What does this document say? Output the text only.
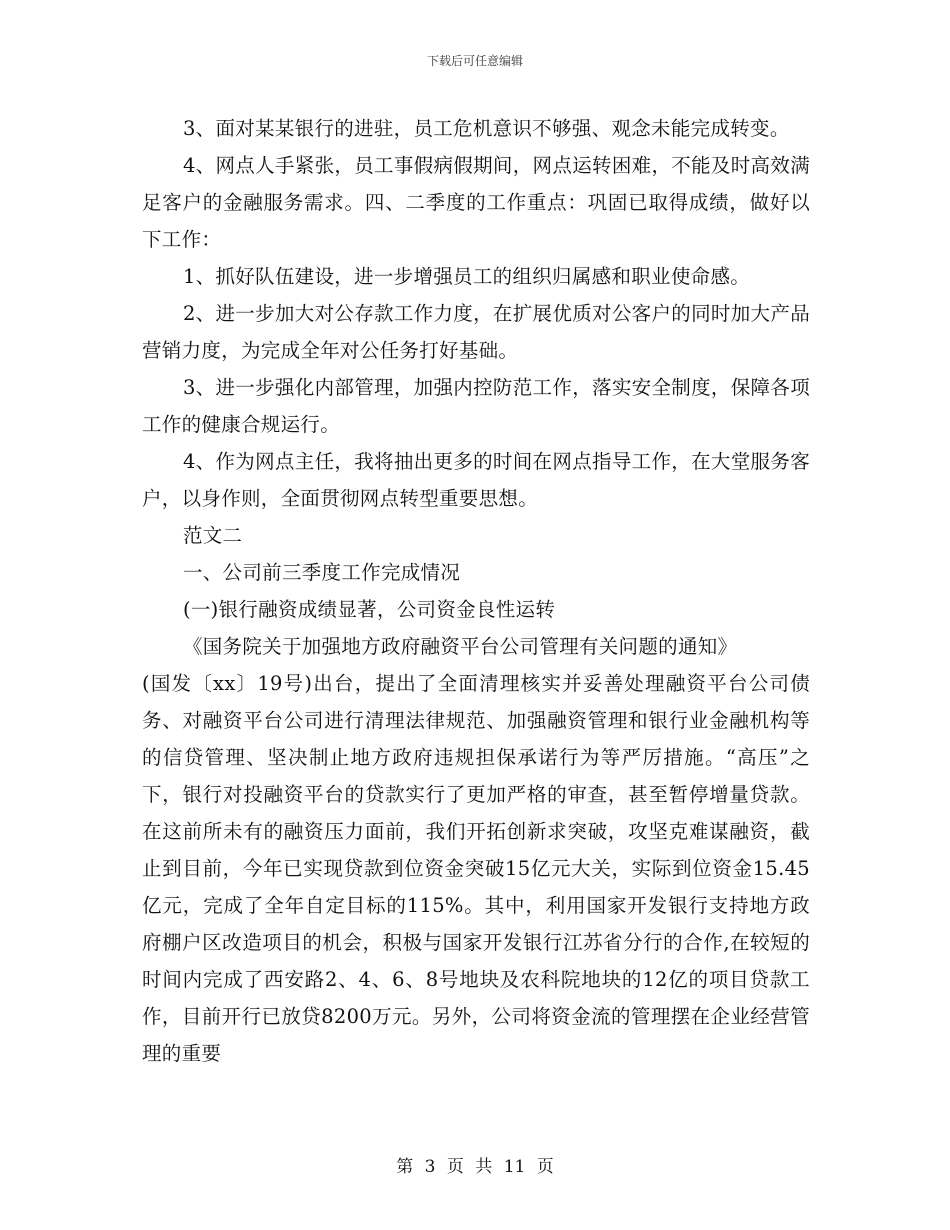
下载后可任意编辑

3、面对某某银行的进驻，员工危机意识不够强、观念未能完成转变。

4、网点人手紧张，员工事假病假期间，网点运转困难，不能及时高效满足客户的金融服务需求。四、二季度的工作重点：巩固已取得成绩，做好以下工作：

1、抓好队伍建设，进一步增强员工的组织归属感和职业使命感。

2、进一步加大对公存款工作力度，在扩展优质对公客户的同时加大产品营销力度，为完成全年对公任务打好基础。

3、进一步强化内部管理，加强内控防范工作，落实安全制度，保障各项工作的健康合规运行。

4、作为网点主任，我将抽出更多的时间在网点指导工作，在大堂服务客户，以身作则，全面贯彻网点转型重要思想。

范文二

一、公司前三季度工作完成情况

(一)银行融资成绩显著，公司资金良性运转

《国务院关于加强地方政府融资平台公司管理有关问题的通知》

(国发〔xx〕19号)出台，提出了全面清理核实并妥善处理融资平台公司债务、对融资平台公司进行清理法律规范、加强融资管理和银行业金融机构等的信贷管理、坚决制止地方政府违规担保承诺行为等严厉措施。“高压”之下，银行对投融资平台的贷款实行了更加严格的审查，甚至暂停增量贷款。在这前所未有的融资压力面前，我们开拓创新求突破，攻坚克难谋融资，截止到目前，今年已实现贷款到位资金突破15亿元大关，实际到位资金15.45亿元，完成了全年自定目标的115%。其中，利用国家开发银行支持地方政府棚户区改造项目的机会，积极与国家开发银行江苏省分行的合作,在较短的时间内完成了西安路2、4、6、8号地块及农科院地块的12亿的项目贷款工作，目前开行已放贷8200万元。另外，公司将资金流的管理摆在企业经营管理的重要

第 3 页 共 11 页
